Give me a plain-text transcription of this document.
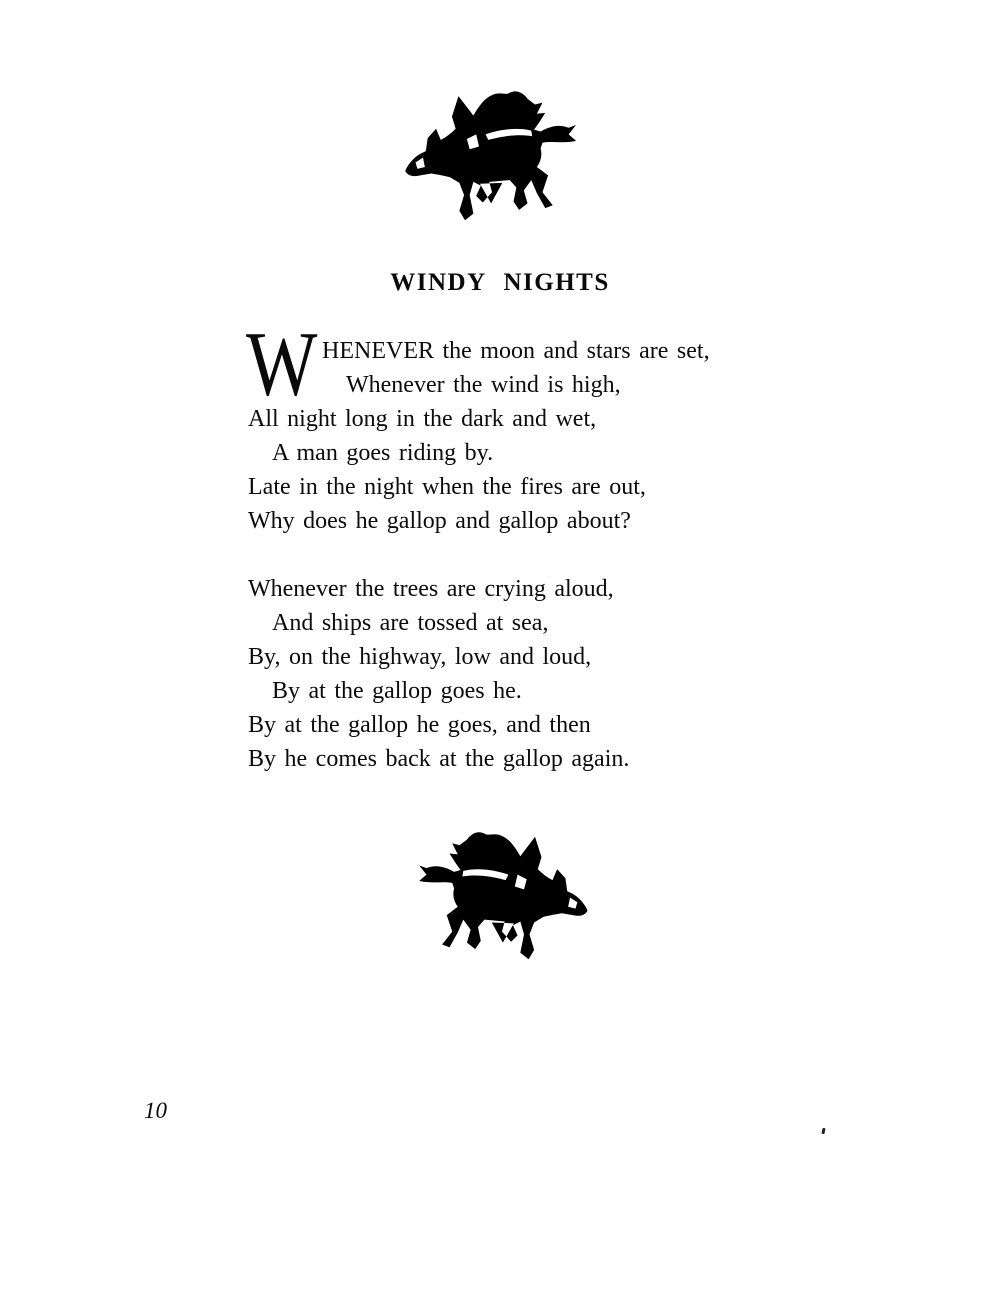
WINDY NIGHTS
W HENEVER the moon and stars are set,
Whenever the wind is high,
All night long in the dark and wet,
A man goes riding by.
Late in the night when the fires are out,
Why does he gallop and gallop about?
Whenever the trees are crying aloud,
And ships are tossed at sea,
By, on the highway, low and loud,
By at the gallop goes he.
By at the gallop he goes, and then
By he comes back at the gallop again.
10
